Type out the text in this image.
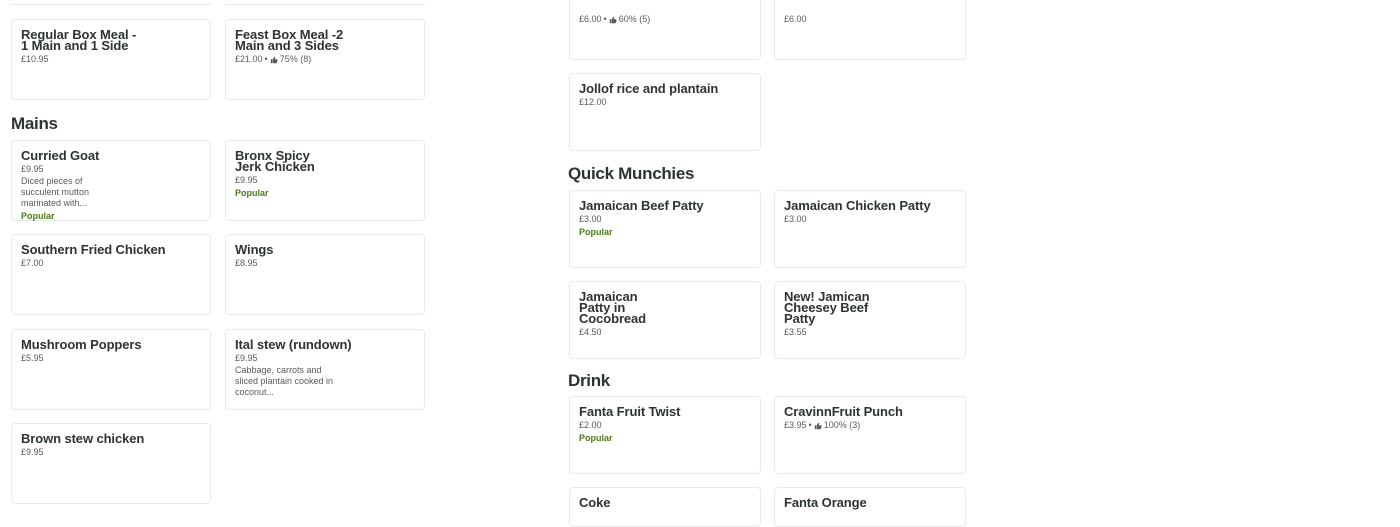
£6.00 • 60% (5)	£6.00
Regular Box Meal - 1 Main and 1 Side
£10.95
Feast Box Meal -2 Main and 3 Sides
£21.00 • 75% (8)
Jollof rice and plantain
£12.00
Mains
Quick Munchies
Drink
Curried Goat
£9.95
Diced pieces of succulent mutton marinated with...
Popular
Bronx Spicy Jerk Chicken
£9.95
Popular
Jamaican Beef Patty
£3.00
Popular
Jamaican Chicken Patty
£3.00
Southern Fried Chicken
£7.00
Wings
£8.95
Jamaican Patty in Cocobread
£4.50
New! Jamican Cheesey Beef Patty
£3.55
Mushroom Poppers
£5.95
Ital stew (rundown)
£9.95
Cabbage, carrots and sliced plantain cooked in coconut...
Fanta Fruit Twist
£2.00
Popular
CravinnFruit Punch
£3.95 • 100% (3)
Brown stew chicken
£9.95
Coke	Fanta Orange
